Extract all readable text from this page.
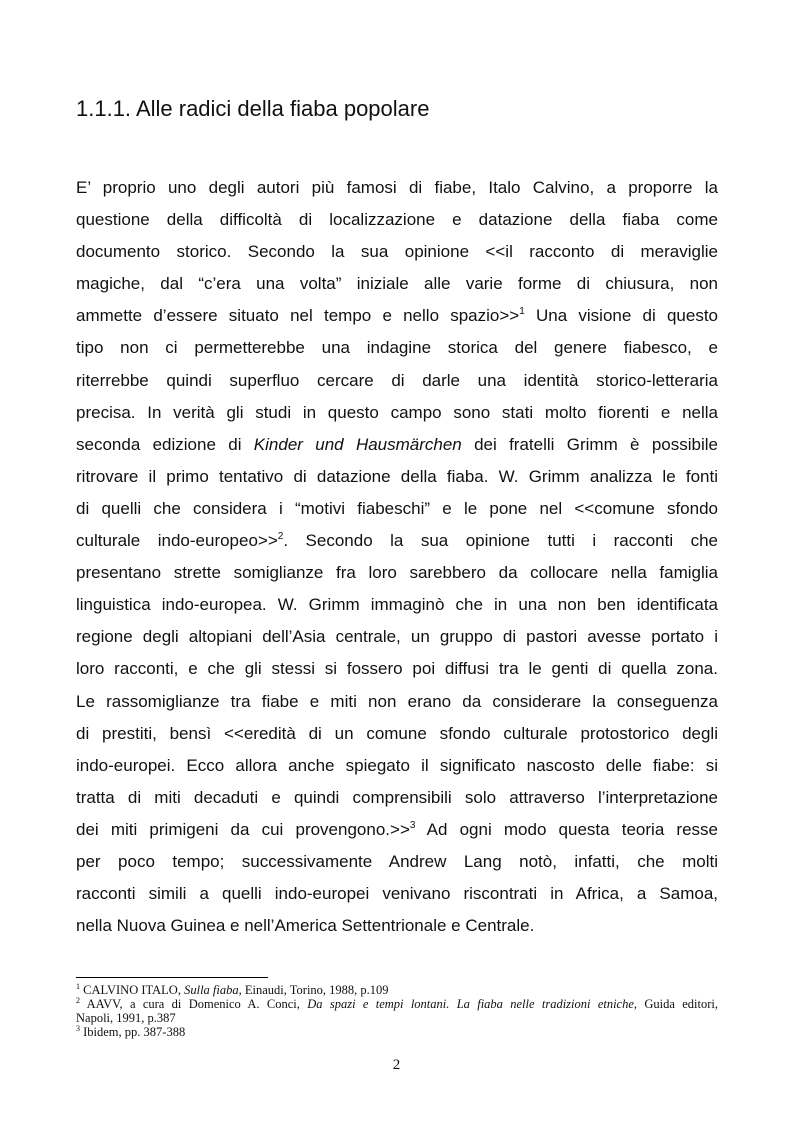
1.1.1. Alle radici della fiaba popolare
E’ proprio uno degli autori più famosi di fiabe, Italo Calvino, a proporre la
questione della difficoltà di localizzazione e datazione della fiaba come
documento storico. Secondo la sua opinione <<il racconto di meraviglie
magiche, dal “c’era una volta” iniziale alle varie forme di chiusura, non
ammette d’essere situato nel tempo e nello spazio>>$^1$ Una visione di questo
tipo non ci permetterebbe una indagine storica del genere fiabesco, e
riterrebbe quindi superfluo cercare di darle una identità storico-letteraria
precisa. In verità gli studi in questo campo sono stati molto fiorenti e nella
seconda edizione di Kinder und Hausmärchen dei fratelli Grimm è possibile
ritrovare il primo tentativo di datazione della fiaba. W. Grimm analizza le fonti
di quelli che considera i “motivi fiabeschi” e le pone nel <<comune sfondo
culturale indo-europeo>>$^2$. Secondo la sua opinione tutti i racconti che
presentano strette somiglianze fra loro sarebbero da collocare nella famiglia
linguistica indo-europea. W. Grimm immaginò che in una non ben identificata
regione degli altopiani dell’Asia centrale, un gruppo di pastori avesse portato i
loro racconti, e che gli stessi si fossero poi diffusi tra le genti di quella zona.
Le rassomiglianze tra fiabe e miti non erano da considerare la conseguenza
di prestiti, bensì <<eredità di un comune sfondo culturale protostorico degli
indo-europei. Ecco allora anche spiegato il significato nascosto delle fiabe: si
tratta di miti decaduti e quindi comprensibili solo attraverso l’interpretazione
dei miti primigeni da cui provengono.>>$^3$ Ad ogni modo questa teoria resse
per poco tempo; successivamente Andrew Lang notò, infatti, che molti
racconti simili a quelli indo-europei venivano riscontrati in Africa, a Samoa,
nella Nuova Guinea e nell’America Settentrionale e Centrale.
$^1$ CALVINO ITALO, Sulla fiaba, Einaudi, Torino, 1988, p.109
$^2$ AAVV, a cura di Domenico A. Conci, Da spazi e tempi lontani. La fiaba nelle tradizioni etniche, Guida editori,
Napoli, 1991, p.387
$^3$ Ibidem, pp. 387-388
2
